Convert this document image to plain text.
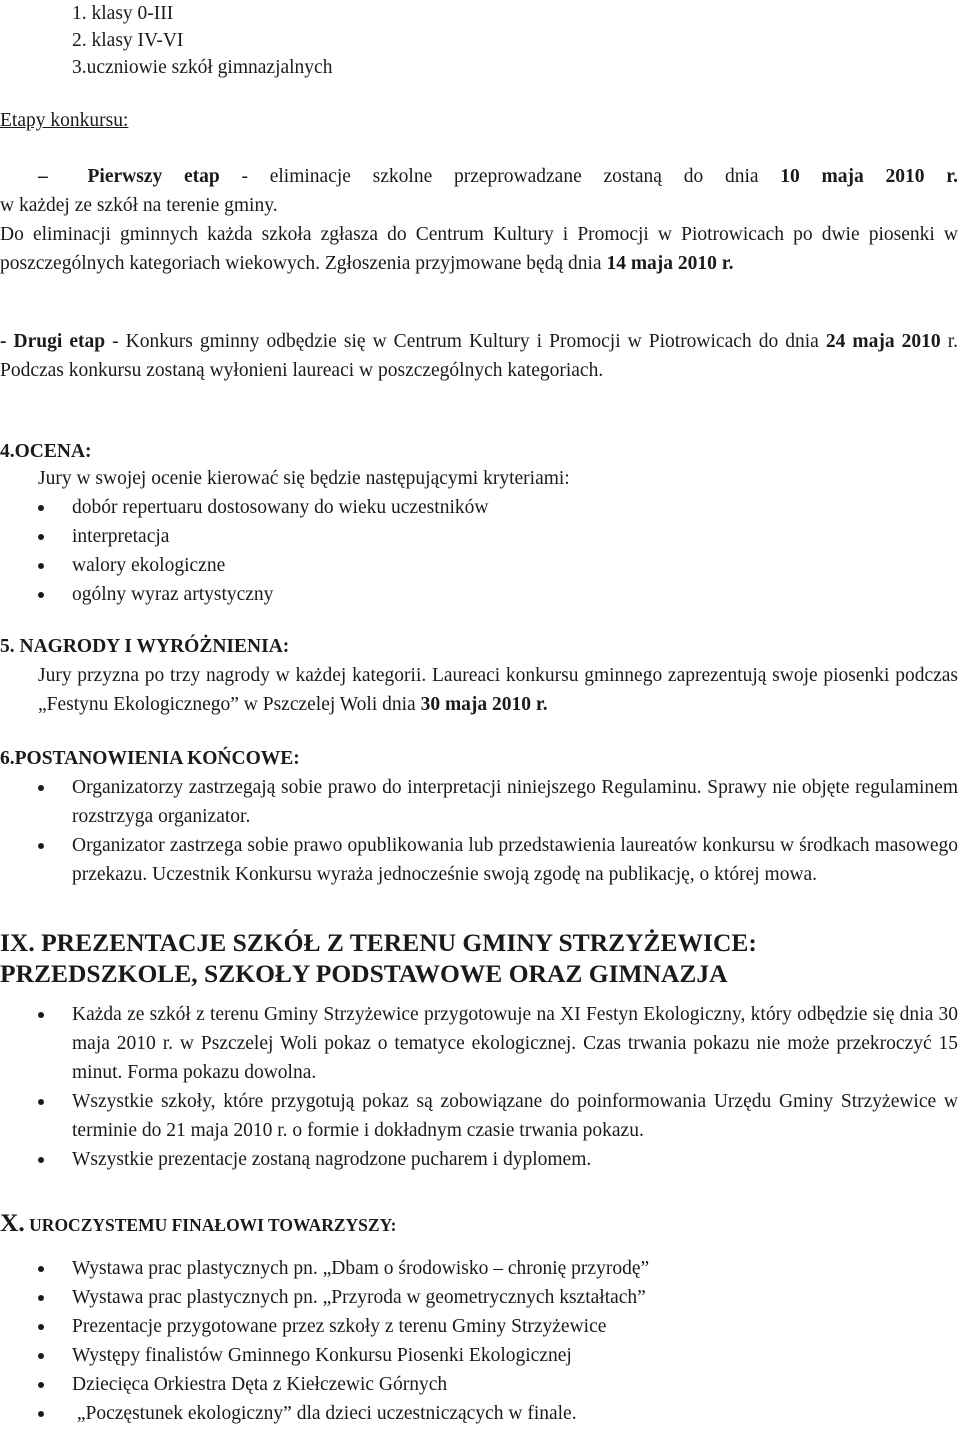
1. klasy 0-III
2. klasy IV-VI
3.uczniowie szkół gimnazjalnych

Etapy konkursu:

– Pierwszy etap - eliminacje szkolne przeprowadzane zostaną do dnia 10 maja 2010 r.

w każdej ze szkół na terenie gminy.

Do eliminacji gminnych każda szkoła zgłasza do Centrum Kultury i Promocji w Piotrowicach po dwie piosenki w poszczególnych kategoriach wiekowych. Zgłoszenia przyjmowane będą dnia 14 maja 2010 r.

- Drugi etap - Konkurs gminny odbędzie się w Centrum Kultury i Promocji w Piotrowicach do dnia 24 maja 2010 r. Podczas konkursu zostaną wyłonieni laureaci w poszczególnych kategoriach.

4.OCENA:

Jury w swojej ocenie kierować się będzie następującymi kryteriami:

dobór repertuaru dostosowany do wieku uczestników
interpretacja
walory ekologiczne
ogólny wyraz artystyczny

5. NAGRODY I WYRÓŻNIENIA:

Jury przyzna po trzy nagrody w każdej kategorii. Laureaci konkursu gminnego zaprezentują swoje piosenki podczas „Festynu Ekologicznego” w Pszczelej Woli dnia 30 maja 2010 r.

6.POSTANOWIENIA KOŃCOWE:

Organizatorzy zastrzegają sobie prawo do interpretacji niniejszego Regulaminu. Sprawy nie objęte regulaminem rozstrzyga organizator.
Organizator zastrzega sobie prawo opublikowania lub przedstawienia laureatów konkursu w środkach masowego przekazu. Uczestnik Konkursu wyraża jednocześnie swoją zgodę na publikację, o której mowa.

IX. PREZENTACJE SZKÓŁ Z TERENU GMINY STRZYŻEWICE:

PRZEDSZKOLE, SZKOŁY PODSTAWOWE ORAZ GIMNAZJA

Każda ze szkół z terenu Gminy Strzyżewice przygotowuje na XI Festyn Ekologiczny, który odbędzie się dnia 30 maja 2010 r. w Pszczelej Woli pokaz o tematyce ekologicznej. Czas trwania pokazu nie może przekroczyć 15 minut. Forma pokazu dowolna.
Wszystkie szkoły, które przygotują pokaz są zobowiązane do poinformowania Urzędu Gminy Strzyżewice w terminie do 21 maja 2010 r. o formie i dokładnym czasie trwania pokazu.
Wszystkie prezentacje zostaną nagrodzone pucharem i dyplomem.

X. UROCZYSTEMU FINAŁOWI TOWARZYSZY:

Wystawa prac plastycznych pn. „Dbam o środowisko – chronię przyrodę”
Wystawa prac plastycznych pn. „Przyroda w geometrycznych kształtach”
Prezentacje przygotowane przez szkoły z terenu Gminy Strzyżewice
Występy finalistów Gminnego Konkursu Piosenki Ekologicznej
Dziecięca Orkiestra Dęta z Kiełczewic Górnych
„Poczęstunek ekologiczny” dla dzieci uczestniczących w finale.
